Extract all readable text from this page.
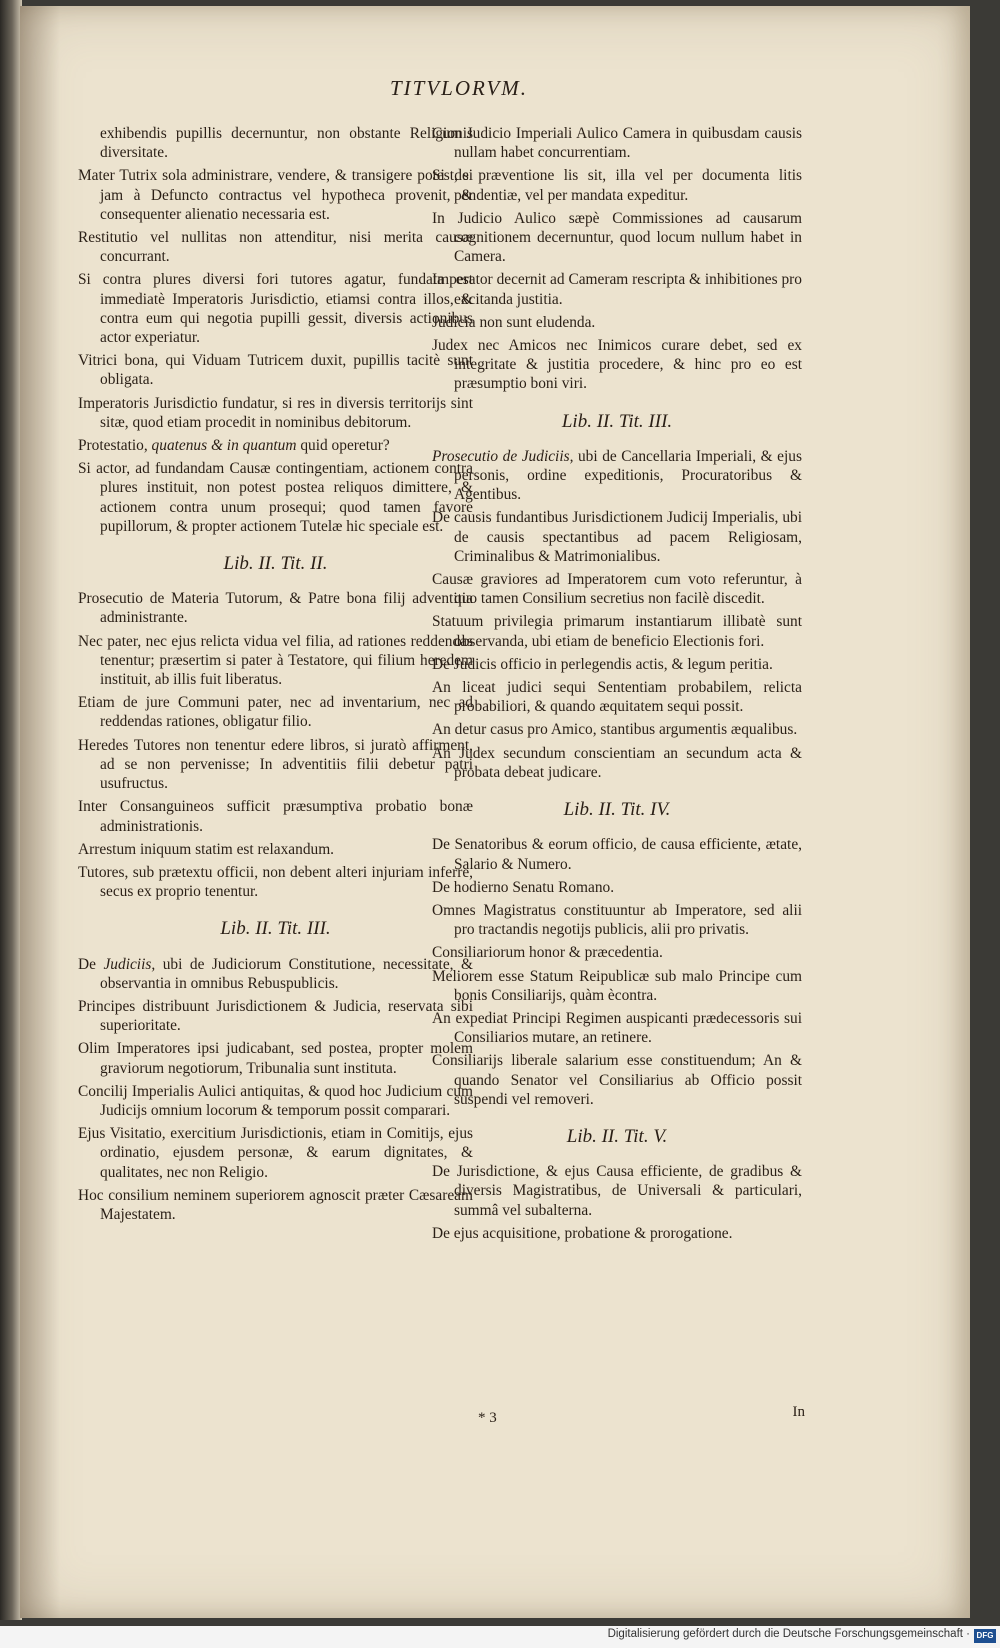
TITVLORVM.
exhibendis pupillis decernuntur, non obstante Religionis diversitate.
Mater Tutrix sola administrare, vendere, & transigere potest, si jam à Defuncto contractus vel hypotheca provenit, & consequenter alienatio necessaria est.
Restitutio vel nullitas non attenditur, nisi merita causæ concurrant.
Si contra plures diversi fori tutores agatur, fundata est immediatè Imperatoris Jurisdictio, etiamsi contra illos, & contra eum qui negotia pupilli gessit, diversis actionibus actor experiatur.
Vitrici bona, qui Viduam Tutricem duxit, pupillis tacitè sunt obligata.
Imperatoris Jurisdictio fundatur, si res in diversis territorijs sint sitæ, quod etiam procedit in nominibus debitorum.
Protestatio, quatenus & in quantum quid operetur?
Si actor, ad fundandam Causæ contingentiam, actionem contra plures instituit, non potest postea reliquos dimittere, & actionem contra unum prosequi; quod tamen favore pupillorum, & propter actionem Tutelæ hic speciale est.
Lib. II. Tit. II.
Prosecutio de Materia Tutorum, & Patre bona filij adventitia administrante.
Nec pater, nec ejus relicta vidua vel filia, ad rationes reddendas tenentur; præsertim si pater à Testatore, qui filium heredem instituit, ab illis fuit liberatus.
Etiam de jure Communi pater, nec ad inventarium, nec ad reddendas rationes, obligatur filio.
Heredes Tutores non tenentur edere libros, si juratò affirment, ad se non pervenisse; In adventitiis filii debetur patri usufructus.
Inter Consanguineos sufficit præsumptiva probatio bonæ administrationis.
Arrestum iniquum statim est relaxandum.
Tutores, sub prætextu officii, non debent alteri injuriam inferre, secus ex proprio tenentur.
Lib. II. Tit. III.
De Judiciis, ubi de Judiciorum Constitutione, necessitate, & observantia in omnibus Rebuspublicis.
Principes distribuunt Jurisdictionem & Judicia, reservata sibi superioritate.
Olim Imperatores ipsi judicabant, sed postea, propter molem graviorum negotiorum, Tribunalia sunt instituta.
Concilij Imperialis Aulici antiquitas, & quod hoc Judicium cum Judicijs omnium locorum & temporum possit comparari.
Ejus Visitatio, exercitium Jurisdictionis, etiam in Comitijs, ejus ordinatio, ejusdem personæ, & earum dignitates, & qualitates, nec non Religio.
Hoc consilium neminem superiorem agnoscit præter Cæsaream Majestatem.
Cum Judicio Imperiali Aulico Camera in quibusdam causis nullam habet concurrentiam.
Si de præventione lis sit, illa vel per documenta litis pendentiæ, vel per mandata expeditur.
In Judicio Aulico sæpè Commissiones ad causarum cognitionem decernuntur, quod locum nullum habet in Camera.
Imperator decernit ad Cameram rescripta & inhibitiones pro excitanda justitia.
Judicia non sunt eludenda.
Judex nec Amicos nec Inimicos curare debet, sed ex integritate & justitia procedere, & hinc pro eo est præsumptio boni viri.
Lib. II. Tit. III.
Prosecutio de Judiciis, ubi de Cancellaria Imperiali, & ejus personis, ordine expeditionis, Procuratoribus & Agentibus.
De causis fundantibus Jurisdictionem Judicij Imperialis, ubi de causis spectantibus ad pacem Religiosam, Criminalibus & Matrimonialibus.
Causæ graviores ad Imperatorem cum voto referuntur, à quo tamen Consilium secretius non facilè discedit.
Statuum privilegia primarum instantiarum illibatè sunt observanda, ubi etiam de beneficio Electionis fori.
De Judicis officio in perlegendis actis, & legum peritia.
An liceat judici sequi Sententiam probabilem, relicta probabiliori, & quando æquitatem sequi possit.
An detur casus pro Amico, stantibus argumentis æqualibus.
An Judex secundum conscientiam an secundum acta & probata debeat judicare.
Lib. II. Tit. IV.
De Senatoribus & eorum officio, de causa efficiente, ætate, Salario & Numero.
De hodierno Senatu Romano.
Omnes Magistratus constituuntur ab Imperatore, sed alii pro tractandis negotijs publicis, alii pro privatis.
Consiliariorum honor & præcedentia.
Meliorem esse Statum Reipublicæ sub malo Principe cum bonis Consiliarijs, quàm ècontra.
An expediat Principi Regimen auspicanti prædecessoris sui Consiliarios mutare, an retinere.
Consiliarijs liberale salarium esse constituendum; An & quando Senator vel Consiliarius ab Officio possit suspendi vel removeri.
Lib. II. Tit. V.
De Jurisdictione, & ejus Causa efficiente, de gradibus & diversis Magistratibus, de Universali & particulari, summâ vel subalterna.
De ejus acquisitione, probatione & prorogatione.
* 3	In
Digitalisierung gefördert durch die Deutsche Forschungsgemeinschaft · DFG
